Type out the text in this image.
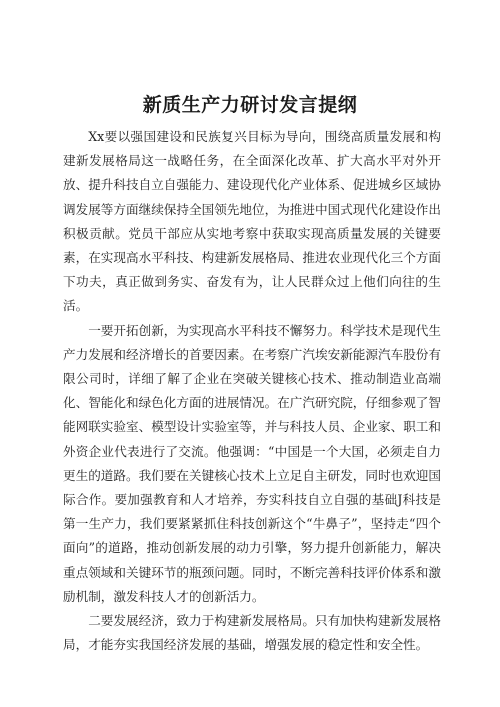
新质生产力研讨发言提纲

Xx要以强国建设和民族复兴目标为导向，围绕高质量发展和构建新发展格局这一战略任务，在全面深化改革、扩大高水平对外开放、提升科技自立自强能力、建设现代化产业体系、促进城乡区域协调发展等方面继续保持全国领先地位，为推进中国式现代化建设作出积极贡献。党员干部应从实地考察中获取实现高质量发展的关键要素，在实现高水平科技、构建新发展格局、推进农业现代化三个方面下功夫，真正做到务实、奋发有为，让人民群众过上他们向往的生活。

一要开拓创新，为实现高水平科技不懈努力。科学技术是现代生产力发展和经济增长的首要因素。在考察广汽埃安新能源汽车股份有限公司时，详细了解了企业在突破关键核心技术、推动制造业高端化、智能化和绿色化方面的进展情况。在广汽研究院，仔细参观了智能网联实验室、模型设计实验室等，并与科技人员、企业家、职工和外资企业代表进行了交流。他强调：“中国是一个大国，必须走自力更生的道路。我们要在关键核心技术上立足自主研发，同时也欢迎国际合作。要加强教育和人才培养，夯实科技自立自强的基础J科技是第一生产力，我们要紧紧抓住科技创新这个“牛鼻子”，坚持走“四个面向”的道路，推动创新发展的动力引擎，努力提升创新能力，解决重点领域和关键环节的瓶颈问题。同时，不断完善科技评价体系和激励机制，激发科技人才的创新活力。

二要发展经济，致力于构建新发展格局。只有加快构建新发展格局，才能夯实我国经济发展的基础，增强发展的稳定性和安全性。
